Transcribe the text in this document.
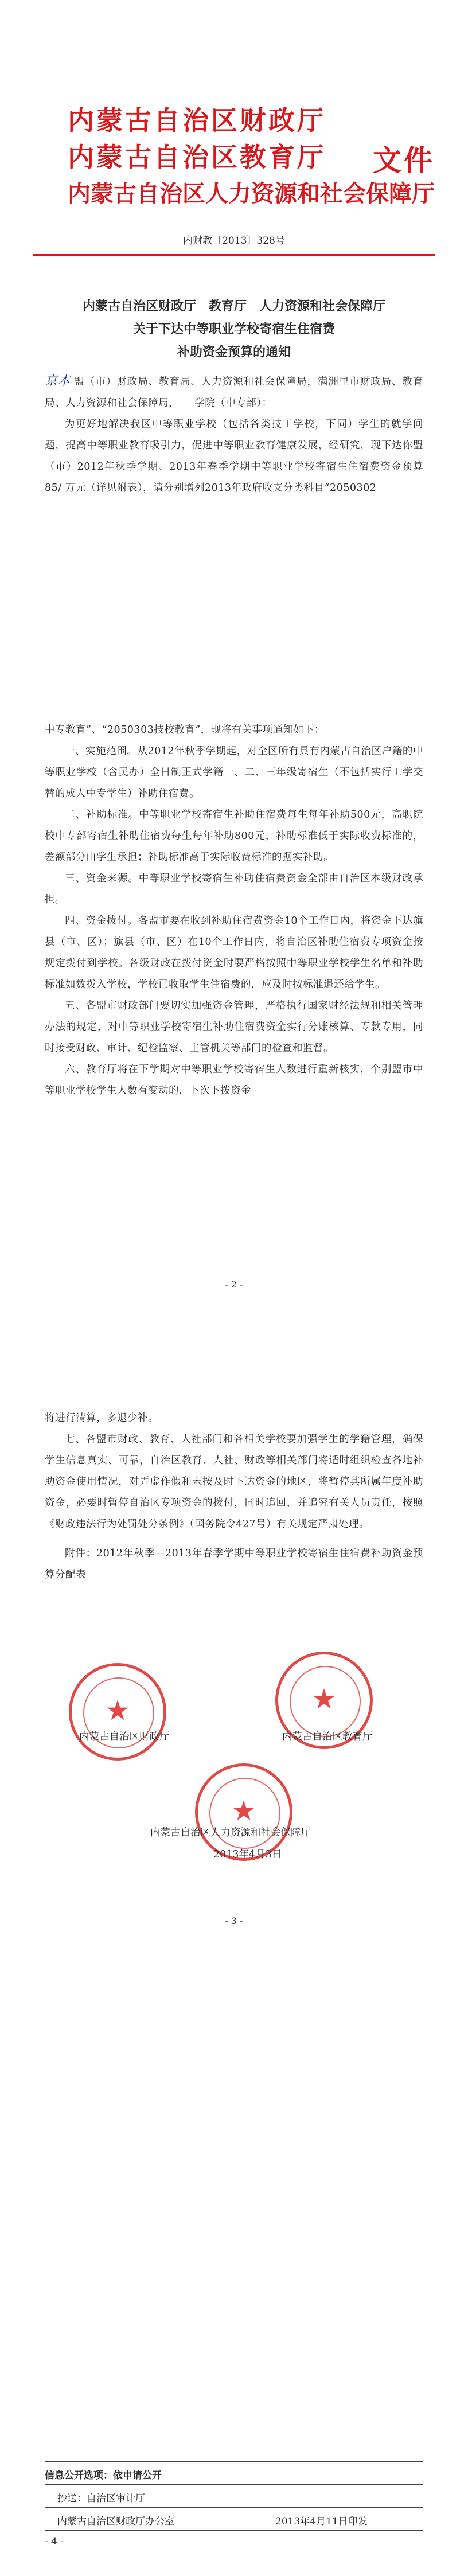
内蒙古自治区财政厅
内蒙古自治区教育厅
内蒙古自治区人力资源和社会保障厅
文件
内财教〔2013〕328号
内蒙古自治区财政厅　教育厅　人力资源和社会保障厅
关于下达中等职业学校寄宿生住宿费
补助资金预算的通知

京本 盟（市）财政局、教育局、人力资源和社会保障局，满洲里市财政局、教育局、人力资源和社会保障局，　　学院（中专部）：

为更好地解决我区中等职业学校（包括各类技工学校，下同）学生的就学问题，提高中等职业教育吸引力，促进中等职业教育健康发展，经研究，现下达你盟（市）2012年秋季学期、2013年春季学期中等职业学校寄宿生住宿费资金预算 85/ 万元（详见附表），请分别增列2013年政府收支分类科目“2050302

中专教育”、“2050303技校教育”，现将有关事项通知如下：

一、实施范围。从2012年秋季学期起，对全区所有具有内蒙古自治区户籍的中等职业学校（含民办）全日制正式学籍一、二、三年级寄宿生（不包括实行工学交替的成人中专学生）补助住宿费。

二、补助标准。中等职业学校寄宿生补助住宿费每生每年补助500元，高职院校中专部寄宿生补助住宿费每生每年补助800元，补助标准低于实际收费标准的，差额部分由学生承担；补助标准高于实际收费标准的据实补助。

三、资金来源。中等职业学校寄宿生补助住宿费资金全部由自治区本级财政承担。

四、资金拨付。各盟市要在收到补助住宿费资金10个工作日内，将资金下达旗县（市、区）；旗县（市、区）在10个工作日内，将自治区补助住宿费专项资金按规定拨付到学校。各级财政在拨付资金时要严格按照中等职业学校学生名单和补助标准如数拨入学校，学校已收取学生住宿费的，应及时按标准退还给学生。

五、各盟市财政部门要切实加强资金管理，严格执行国家财经法规和相关管理办法的规定，对中等职业学校寄宿生补助住宿费资金实行分账核算、专款专用，同时接受财政、审计、纪检监察、主管机关等部门的检查和监督。

六、教育厅将在下学期对中等职业学校寄宿生人数进行重新核实，个别盟市中等职业学校学生人数有变动的，下次下拨资金

- 2 -

将进行清算，多退少补。

七、各盟市财政、教育、人社部门和各相关学校要加强学生的学籍管理，确保学生信息真实、可靠，自治区教育、人社、财政等相关部门将适时组织检查各地补助资金使用情况，对弄虚作假和未按及时下达资金的地区，将暂停其所属年度补助资金，必要时暂停自治区专项资金的拨付，同时追回，并追究有关人员责任，按照《财政违法行为处罚处分条例》（国务院令427号）有关规定严肃处理。

附件：2012年秋季—2013年春季学期中等职业学校寄宿生住宿费补助资金预算分配表

★	★
★
内蒙古自治区财政厅	内蒙古自治区教育厅
内蒙古自治区人力资源和社会保障厅
2013年4月3日
- 3 -
信息公开选项：依申请公开
抄送：自治区审计厅
内蒙古自治区财政厅办公室	2013年4月11日印发
- 4 -
